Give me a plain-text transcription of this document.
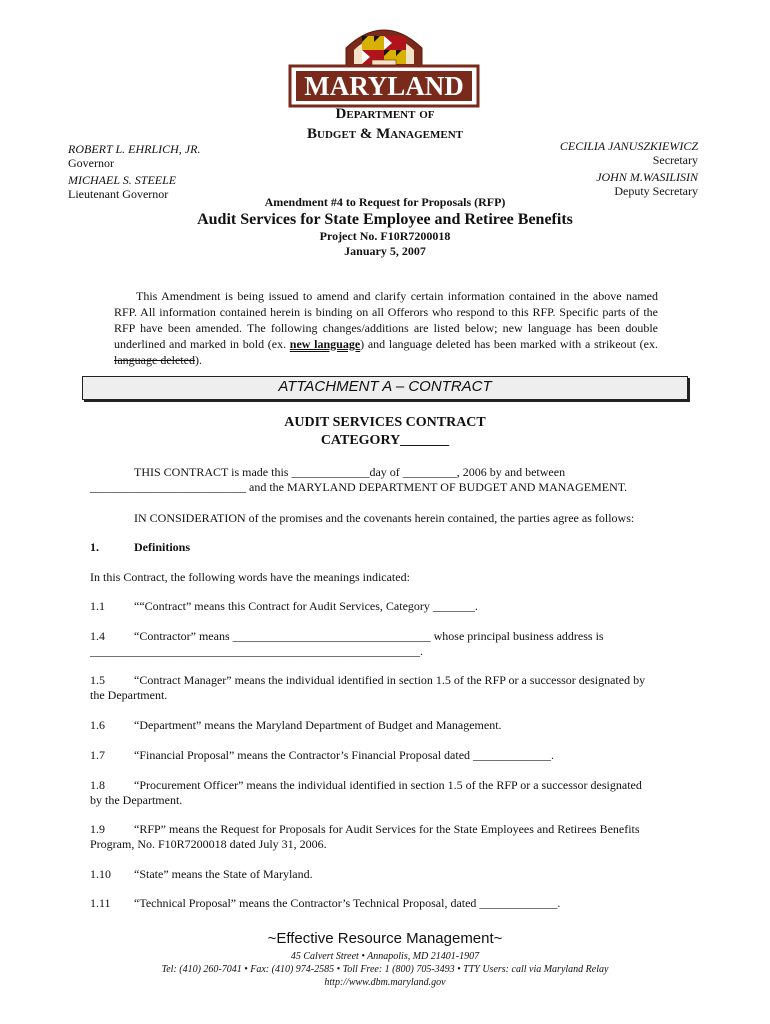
MARYLAND
Department of
Budget & Management
ROBERT L. EHRLICH, JR.
Governor
MICHAEL S. STEELE
Lieutenant Governor
CECILIA JANUSZKIEWICZ
Secretary
JOHN M.WASILISIN
Deputy Secretary
Amendment #4 to Request for Proposals (RFP)
Audit Services for State Employee and Retiree Benefits
Project No. F10R7200018
January 5, 2007
This Amendment is being issued to amend and clarify certain information contained in the above named RFP. All information contained herein is binding on all Offerors who respond to this RFP. Specific parts of the RFP have been amended. The following changes/additions are listed below; new language has been double underlined and marked in bold (ex. new language) and language deleted has been marked with a strikeout (ex. language deleted).
ATTACHMENT A – CONTRACT
AUDIT SERVICES CONTRACT
CATEGORY_______
THIS CONTRACT is made this _____________day of _________, 2006 by and between
__________________________ and the MARYLAND DEPARTMENT OF BUDGET AND MANAGEMENT.
IN CONSIDERATION of the promises and the covenants herein contained, the parties agree as follows:
1.	Definitions
In this Contract, the following words have the meanings indicated:
1.1 ““Contract” means this Contract for Audit Services, Category _______.
1.4 “Contractor” means _________________________________ whose principal business address is
_______________________________________________________.
1.5 “Contract Manager” means the individual identified in section 1.5 of the RFP or a successor designated by
the Department.
1.6 “Department” means the Maryland Department of Budget and Management.
1.7 “Financial Proposal” means the Contractor’s Financial Proposal dated _____________.
1.8 “Procurement Officer” means the individual identified in section 1.5 of the RFP or a successor designated
by the Department.
1.9 “RFP” means the Request for Proposals for Audit Services for the State Employees and Retirees Benefits
Program, No. F10R7200018 dated July 31, 2006.
1.10 “State” means the State of Maryland.
1.11 “Technical Proposal” means the Contractor’s Technical Proposal, dated _____________.
~Effective Resource Management~
45 Calvert Street • Annapolis, MD 21401-1907
Tel: (410) 260-7041 • Fax: (410) 974-2585 • Toll Free: 1 (800) 705-3493 • TTY Users: call via Maryland Relay
http://www.dbm.maryland.gov
